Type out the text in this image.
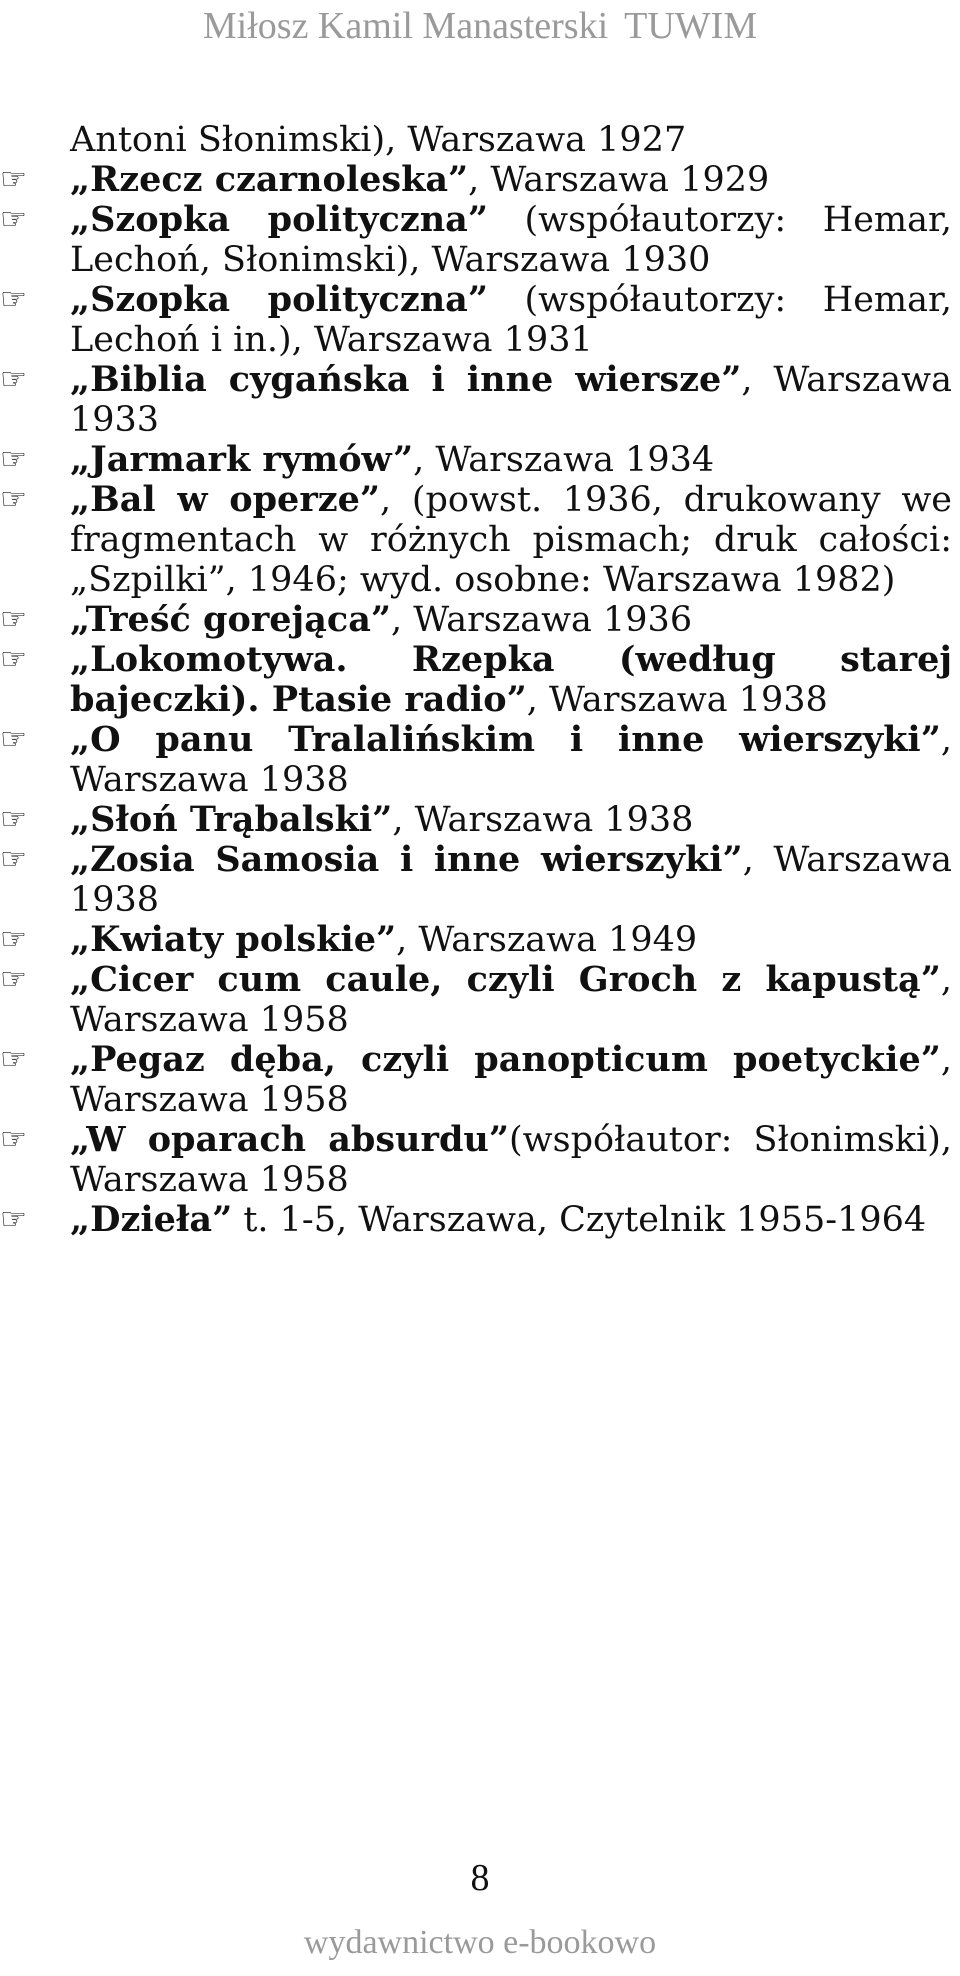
Miłosz Kamil Manasterski TUWIM
Antoni Słonimski), Warszawa 1927
☞	„Rzecz czarnoleska”, Warszawa 1929
☞	„Szopka polityczna” (współautorzy: Hemar, Lechoń, Słonimski), Warszawa 1930
☞	„Szopka polityczna” (współautorzy: Hemar, Lechoń i in.), Warszawa 1931
☞	„Biblia cygańska i inne wiersze”, Warszawa 1933
☞	„Jarmark rymów”, Warszawa 1934
☞	„Bal w operze”, (powst. 1936, drukowany we fragmentach w różnych pismach; druk całości: „Szpilki”, 1946; wyd. osobne: Warszawa 1982)
☞	„Treść gorejąca”, Warszawa 1936
☞	„Lokomotywa. Rzepka (według starej bajeczki). Ptasie radio”, Warszawa 1938
☞	„O panu Tralalińskim i inne wierszyki”, Warszawa 1938
☞	„Słoń Trąbalski”, Warszawa 1938
☞	„Zosia Samosia i inne wierszyki”, Warszawa 1938
☞	„Kwiaty polskie”, Warszawa 1949
☞	„Cicer cum caule, czyli Groch z kapustą”, Warszawa 1958
☞	„Pegaz dęba, czyli panopticum poetyckie”, Warszawa 1958
☞	„W oparach absurdu”(współautor: Słonimski), Warszawa 1958
☞	„Dzieła” t. 1-5, Warszawa, Czytelnik 1955-1964
8
wydawnictwo e-bookowo
